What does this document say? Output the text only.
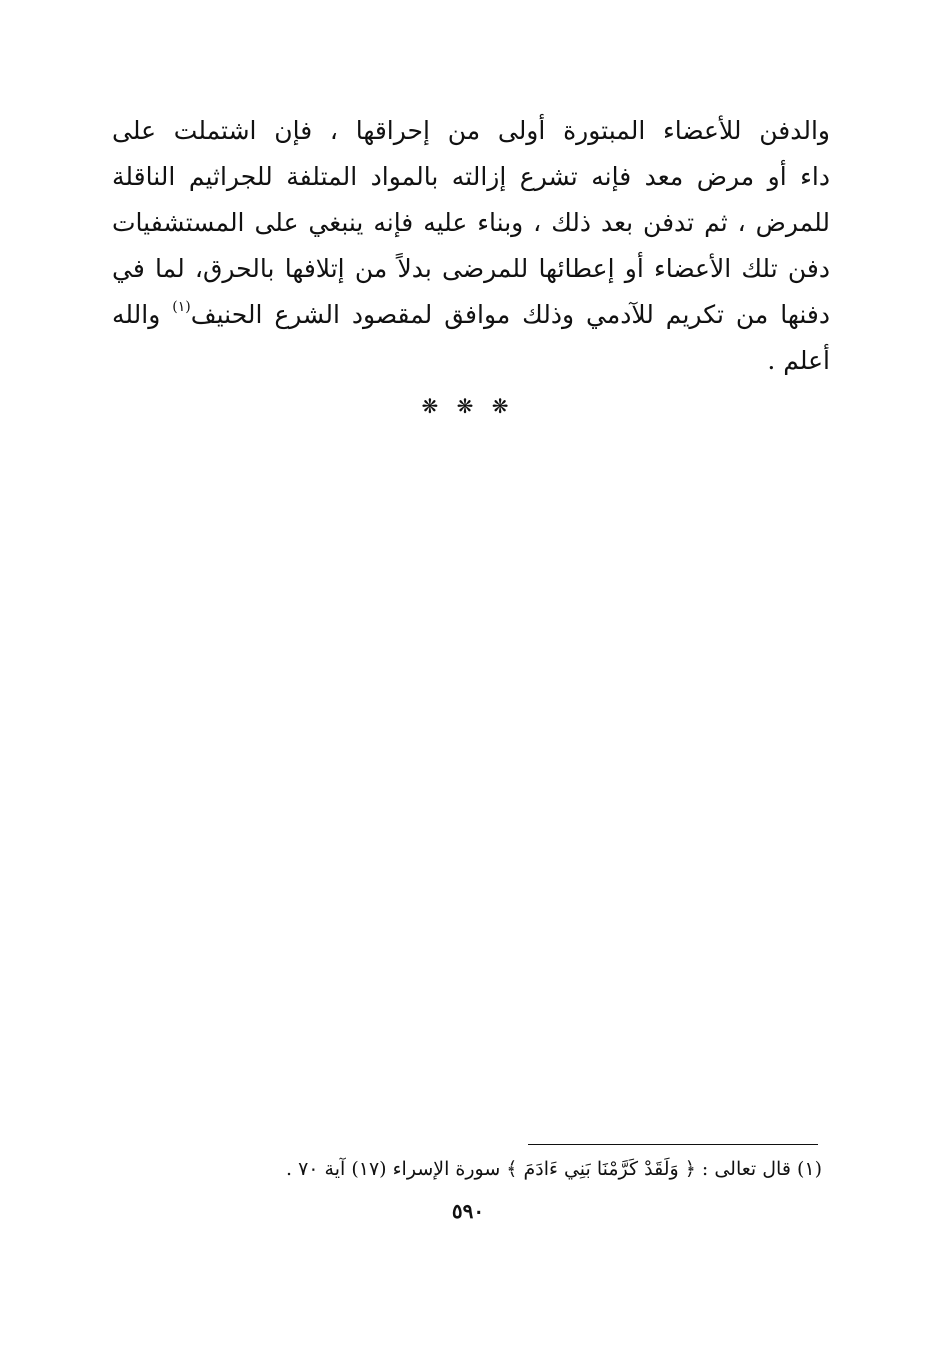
والدفن للأعضاء المبتورة أولى من إحراقها ، فإن اشتملت على
داء أو مرض معد فإنه تشرع إزالته بالمواد المتلفة للجراثيم الناقلة
للمرض ، ثم تدفن بعد ذلك ، وبناء عليه فإنه ينبغي على المستشفيات
دفن تلك الأعضاء أو إعطائها للمرضى بدلاً من إتلافها بالحرق، لما في
دفنها من تكريم للآدمي وذلك موافق لمقصود الشرع الحنيف$^{(١)}$ والله
أعلم .
❋ ❋ ❋

(١) قال تعالى : ﴿ وَلَقَدْ كَرَّمْنَا بَنِي ءَادَمَ ﴾ سورة الإسراء (١٧) آية ٧٠ .

٥٩٠
